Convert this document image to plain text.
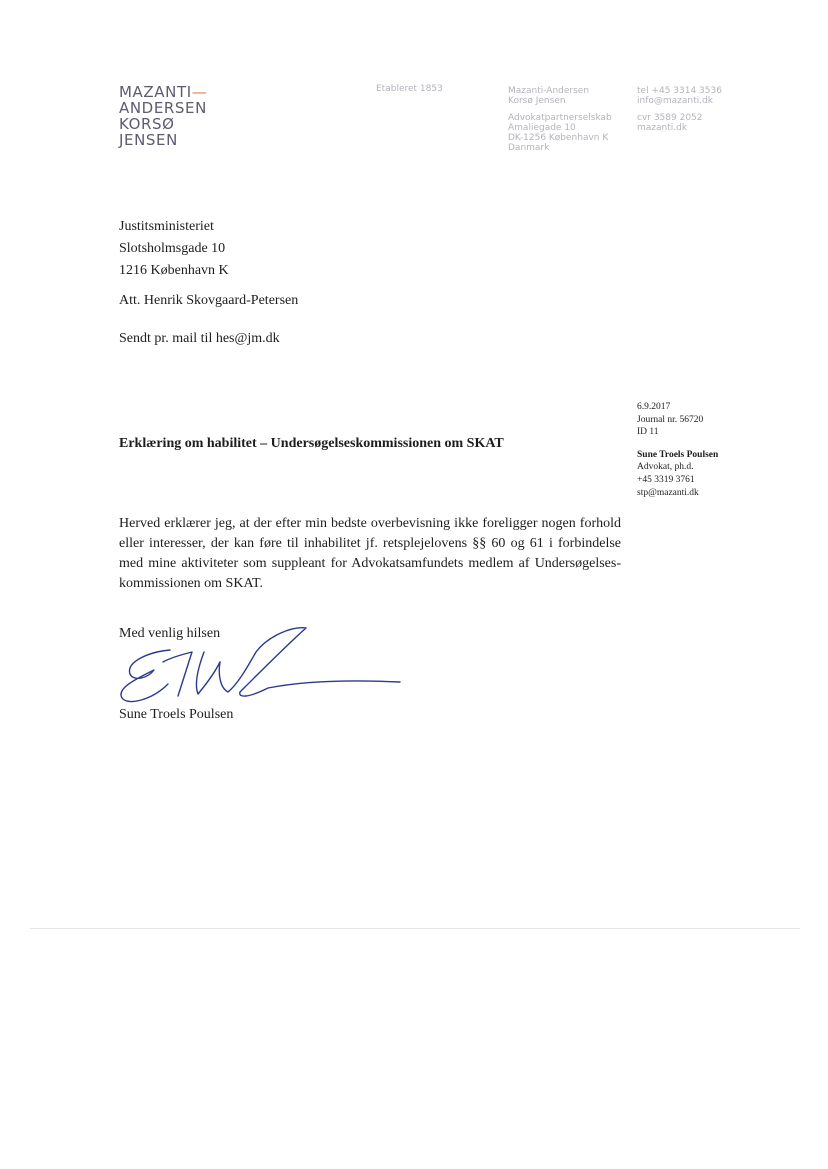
MAZANTI—
ANDERSEN
KORSØ
JENSEN
Etableret 1853	Mazanti-Andersen
Korsø Jensen
Advokatpartnerselskab
Amaliegade 10
DK-1256 København K
Danmark
tel +45 3314 3536
info@mazanti.dk
cvr 3589 2052
mazanti.dk
Justitsministeriet
Slotsholmsgade 10
1216 København K
Att. Henrik Skovgaard-Petersen
Sendt pr. mail til hes@jm.dk
6.9.2017
Journal nr. 56720
ID 11
Sune Troels Poulsen
Advokat, ph.d.
+45 3319 3761
stp@mazanti.dk
Erklæring om habilitet – Undersøgelseskommissionen om SKAT
Herved erklærer jeg, at der efter min bedste overbevisning ikke foreligger nogen forhold eller interesser, der kan føre til inhabilitet jf. retsplejelovens §§ 60 og 61 i forbindelse med mine aktiviteter som suppleant for Advokatsamfundets medlem af Undersøgelses-kommissionen om SKAT.
Med venlig hilsen
Sune Troels Poulsen
